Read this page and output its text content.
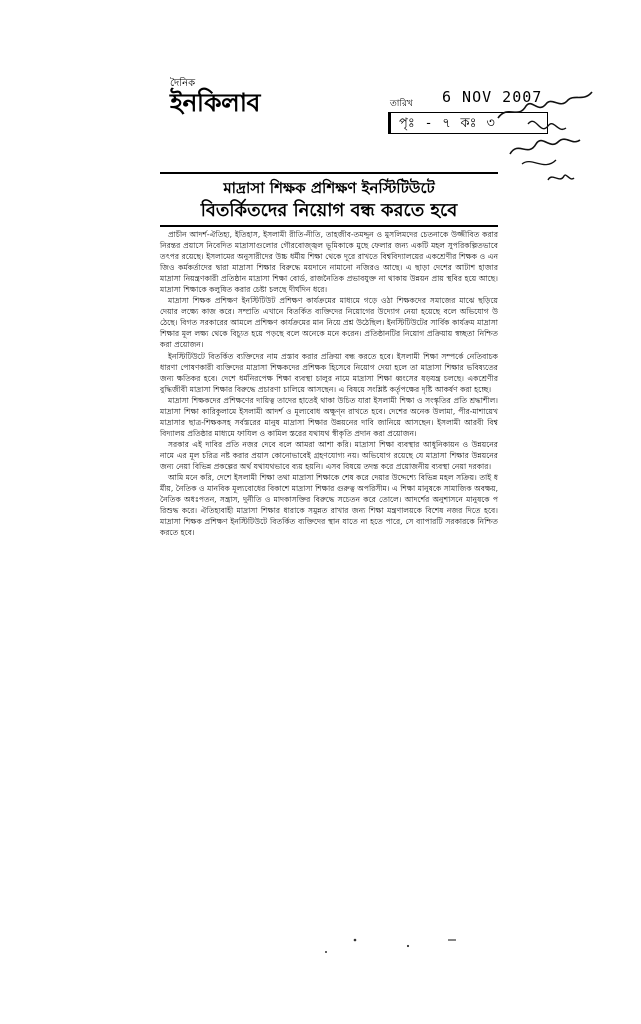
দৈনিক
ইনকিলাব	তারিখ 6 NOV 2007
পৃঃ - ৭ কঃ ৩
মাদ্রাসা শিক্ষক প্রশিক্ষণ ইনস্টিটিউটে
বিতর্কিতদের নিয়োগ বন্ধ করতে হবে

প্রাচীন আদর্শ-ঐতিহ্য, ইতিহাস, ইসলামী রীতি-নীতি, তাহজীব-তমদ্দুন ও মুসলিমদের চেতনাকে উজ্জীবিত করার নিরন্তর প্রয়াসে নিবেদিত মাদ্রাসাগুলোর গৌরবোজ্জ্বল ভূমিকাকে মুছে ফেলার জন্য একটি মহল সুপরিকল্পিতভাবে তৎপর রয়েছে। ইসলামের অনুসারীদের উচ্চ ধর্মীয় শিক্ষা থেকে দূরে রাখতে বিশ্ববিদ্যালয়ের একশ্রেণীর শিক্ষক ও এনজিও কর্মকর্তাদের দ্বারা মাদ্রাসা শিক্ষার বিরুদ্ধে ময়দানে নামানো নজিরও আছে। এ ছাড়া দেশের আটাশ হাজার মাদ্রাসা নিয়ন্ত্রণকারী প্রতিষ্ঠান মাদ্রাসা শিক্ষা বোর্ড, রাজনৈতিক প্রভাবযুক্ত না থাকায় উন্নয়ন প্রায় স্থবির হয়ে আছে। মাদ্রাসা শিক্ষাকে কলুষিত করার চেষ্টা চলছে দীর্ঘদিন ধরে।

মাদ্রাসা শিক্ষক প্রশিক্ষণ ইনস্টিটিউট প্রশিক্ষণ কার্যক্রমের মাধ্যমে গড়ে ওঠা শিক্ষকদের সমাজের মাঝে ছড়িয়ে দেয়ার লক্ষ্যে কাজ করে। সম্প্রতি এখানে বিতর্কিত ব্যক্তিদের নিয়োগের উদ্যোগ নেয়া হয়েছে বলে অভিযোগ উঠেছে। বিগত সরকারের আমলে প্রশিক্ষণ কার্যক্রমের মান নিয়ে প্রশ্ন উঠেছিল। ইনস্টিটিউটের সার্বিক কার্যক্রম মাদ্রাসা শিক্ষার মূল লক্ষ্য থেকে বিচ্যুত হয়ে পড়ছে বলে অনেকে মনে করেন। প্রতিষ্ঠানটির নিয়োগ প্রক্রিয়ায় স্বচ্ছতা নিশ্চিত করা প্রয়োজন।

ইনস্টিটিউটে বিতর্কিত ব্যক্তিদের নাম প্রস্তাব করার প্রক্রিয়া বন্ধ করতে হবে। ইসলামী শিক্ষা সম্পর্কে নেতিবাচক ধারণা পোষণকারী ব্যক্তিদের মাদ্রাসা শিক্ষকদের প্রশিক্ষক হিসেবে নিয়োগ দেয়া হলে তা মাদ্রাসা শিক্ষার ভবিষ্যতের জন্য ক্ষতিকর হবে। দেশে ধর্মনিরপেক্ষ শিক্ষা ব্যবস্থা চালুর নামে মাদ্রাসা শিক্ষা ধ্বংসের ষড়যন্ত্র চলছে। একশ্রেণীর বুদ্ধিজীবী মাদ্রাসা শিক্ষার বিরুদ্ধে প্রচারণা চালিয়ে আসছেন। এ বিষয়ে সংশ্লিষ্ট কর্তৃপক্ষের দৃষ্টি আকর্ষণ করা হচ্ছে।

মাদ্রাসা শিক্ষকদের প্রশিক্ষণের দায়িত্ব তাদের হাতেই থাকা উচিত যারা ইসলামী শিক্ষা ও সংস্কৃতির প্রতি শ্রদ্ধাশীল। মাদ্রাসা শিক্ষা কারিকুলামে ইসলামী আদর্শ ও মূল্যবোধ অক্ষুণ্ন রাখতে হবে। দেশের অনেক উলামা, পীর-মাশায়েখ মাদ্রাসার ছাত্র-শিক্ষকসহ সর্বস্তরের মানুষ মাদ্রাসা শিক্ষার উন্নয়নের দাবি জানিয়ে আসছেন। ইসলামী আরবী বিশ্ববিদ্যালয় প্রতিষ্ঠার মাধ্যমে ফাযিল ও কামিল স্তরের যথাযথ স্বীকৃতি প্রদান করা প্রয়োজন।

সরকার এই দাবির প্রতি নজর দেবে বলে আমরা আশা করি। মাদ্রাসা শিক্ষা ব্যবস্থার আধুনিকায়ন ও উন্নয়নের নামে এর মূল চরিত্র নষ্ট করার প্রয়াস কোনোভাবেই গ্রহণযোগ্য নয়। অভিযোগ রয়েছে যে মাদ্রাসা শিক্ষার উন্নয়নের জন্য নেয়া বিভিন্ন প্রকল্পের অর্থ যথাযথভাবে ব্যয় হয়নি। এসব বিষয়ে তদন্ত করে প্রয়োজনীয় ব্যবস্থা নেয়া দরকার।

আমি মনে করি, দেশে ইসলামী শিক্ষা তথা মাদ্রাসা শিক্ষাকে শেষ করে দেয়ার উদ্দেশ্যে বিভিন্ন মহল সক্রিয়। তাই ধর্মীয়, নৈতিক ও মানবিক মূল্যবোধের বিকাশে মাদ্রাসা শিক্ষার গুরুত্ব অপরিসীম। এ শিক্ষা মানুষকে সামাজিক অবক্ষয়, নৈতিক অধঃপতন, সন্ত্রাস, দুর্নীতি ও মাদকাসক্তির বিরুদ্ধে সচেতন করে তোলে। আদর্শের অনুশাসনে মানুষকে পরিশুদ্ধ করে। ঐতিহ্যবাহী মাদ্রাসা শিক্ষার ধারাকে সমুন্নত রাখার জন্য শিক্ষা মন্ত্রণালয়কে বিশেষ নজর দিতে হবে। মাদ্রাসা শিক্ষক প্রশিক্ষণ ইনস্টিটিউটে বিতর্কিত ব্যক্তিদের স্থান যাতে না হতে পারে, সে ব্যাপারটি সরকারকে নিশ্চিত করতে হবে।
